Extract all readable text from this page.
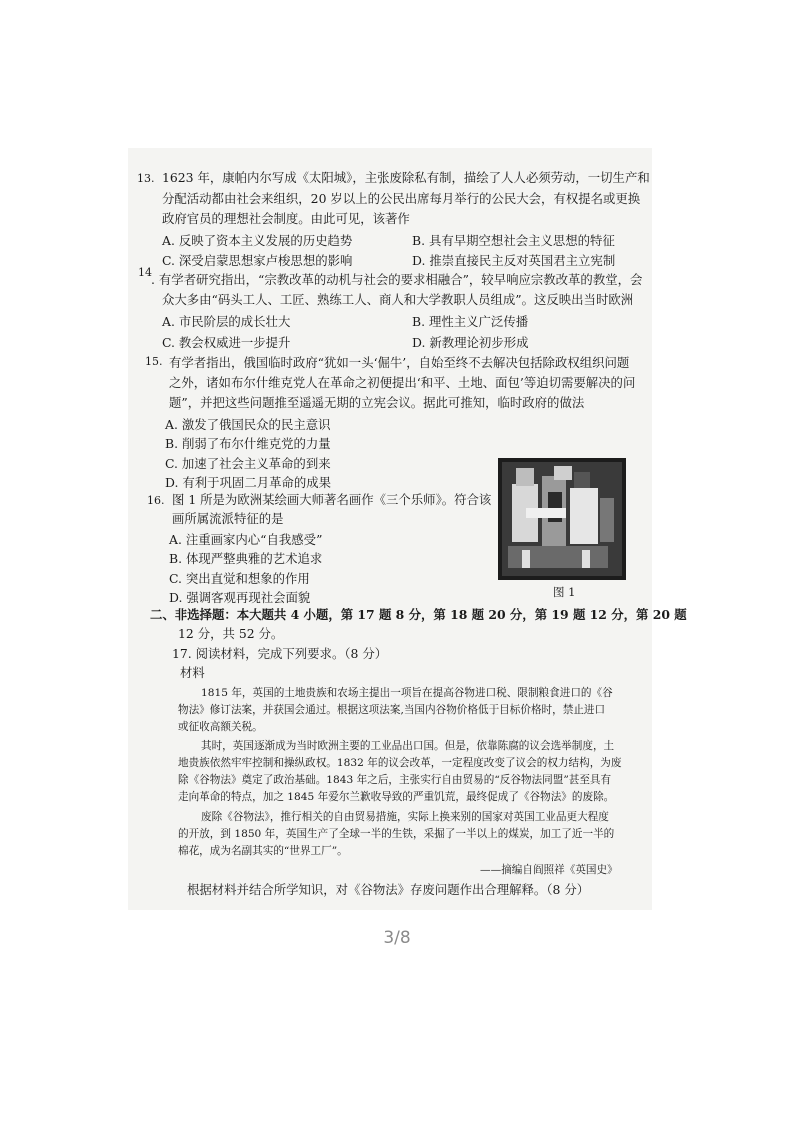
13. 1623 年，康帕内尔写成《太阳城》，主张废除私有制，描绘了人人必须劳动，一切生产和
分配活动都由社会来组织，20 岁以上的公民出席每月举行的公民大会，有权提名或更换
政府官员的理想社会制度。由此可见，该著作
A. 反映了资本主义发展的历史趋势	B. 具有早期空想社会主义思想的特征
C. 深受启蒙思想家卢梭思想的影响	D. 推崇直接民主反对英国君主立宪制
14 . 有学者研究指出，“宗教改革的动机与社会的要求相融合”，较早响应宗教改革的教堂，会
众大多由“码头工人、工匠、熟练工人、商人和大学教职人员组成”。这反映出当时欧洲
A. 市民阶层的成长壮大	B. 理性主义广泛传播
C. 教会权威进一步提升	D. 新教理论初步形成
15. 有学者指出，俄国临时政府“犹如一头‘倔牛’，自始至终不去解决包括除政权组织问题
之外，诸如布尔什维克党人在革命之初便提出‘和平、土地、面包’等迫切需要解决的问
题”，并把这些问题推至遥遥无期的立宪会议。据此可推知，临时政府的做法
A. 激发了俄国民众的民主意识
B. 削弱了布尔什维克党的力量
C. 加速了社会主义革命的到来
D. 有利于巩固二月革命的成果
图 1
16. 图 1 所是为欧洲某绘画大师著名画作《三个乐师》。符合该
画所属流派特征的是
A. 注重画家内心“自我感受”
B. 体现严整典雅的艺术追求
C. 突出直觉和想象的作用
D. 强调客观再现社会面貌
二、非选择题：本大题共 4 小题，第 17 题 8 分，第 18 题 20 分，第 19 题 12 分，第 20 题
12 分，共 52 分。
17. 阅读材料，完成下列要求。（8 分）
材料
1815 年，英国的土地贵族和农场主提出一项旨在提高谷物进口税、限制粮食进口的《谷
物法》修订法案，并获国会通过。根据这项法案,当国内谷物价格低于目标价格时，禁止进口
或征收高额关税。
其时，英国逐渐成为当时欧洲主要的工业品出口国。但是，依靠陈腐的议会选举制度，土
地贵族依然牢牢控制和操纵政权。1832 年的议会改革，一定程度改变了议会的权力结构，为废
除《谷物法》奠定了政治基础。1843 年之后，主张实行自由贸易的“反谷物法同盟”甚至具有
走向革命的特点，加之 1845 年爱尔兰歉收导致的严重饥荒，最终促成了《谷物法》的废除。
废除《谷物法》，推行相关的自由贸易措施，实际上换来别的国家对英国工业品更大程度
的开放，到 1850 年，英国生产了全球一半的生铁，采掘了一半以上的煤炭，加工了近一半的
棉花，成为名副其实的“世界工厂”。
——摘编自阎照祥《英国史》
根据材料并结合所学知识，对《谷物法》存废问题作出合理解释。（8 分）
3/8
